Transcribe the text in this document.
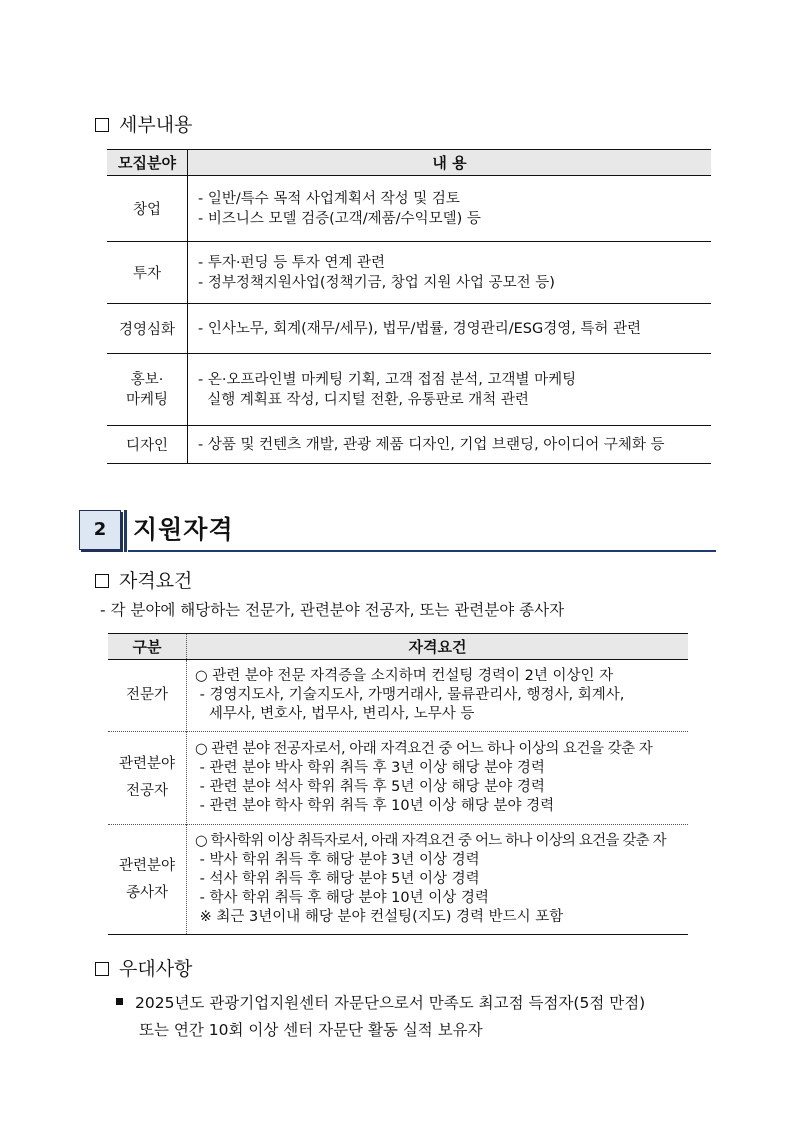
세부내용
모집분야	내 용
창업	- 일반/특수 목적 사업계획서 작성 및 검토
- 비즈니스 모델 검증(고객/제품/수익모델) 등

투자	- 투자·펀딩 등 투자 연계 관련
- 정부정책지원사업(정책기금, 창업 지원 사업 공모전 등)

경영심화	- 인사노무, 회계(재무/세무), 법무/법률, 경영관리/ESG경영, 특허 관련

홍보·
마케팅	- 온·오프라인별 마케팅 기획, 고객 접점 분석, 고객별 마케팅
실행 계획표 작성, 디지털 전환, 유통판로 개척 관련

디자인	- 상품 및 컨텐츠 개발, 관광 제품 디자인, 기업 브랜딩, 아이디어 구체화 등
2	지원자격
자격요건
- 각 분야에 해당하는 전문가, 관련분야 전공자, 또는 관련분야 종사자
구분	자격요건

전문가	○ 관련 분야 전문 자격증을 소지하며 컨설팅 경력이 2년 이상인 자
- 경영지도사, 기술지도사, 가맹거래사, 물류관리사, 행정사, 회계사,
세무사, 변호사, 법무사, 변리사, 노무사 등

관련분야
전공자	○ 관련 분야 전공자로서, 아래 자격요건 중 어느 하나 이상의 요건을 갖춘 자
- 관련 분야 박사 학위 취득 후 3년 이상 해당 분야 경력
- 관련 분야 석사 학위 취득 후 5년 이상 해당 분야 경력
- 관련 분야 학사 학위 취득 후 10년 이상 해당 분야 경력

관련분야
종사자	○ 학사학위 이상 취득자로서, 아래 자격요건 중 어느 하나 이상의 요건을 갖춘 자
- 박사 학위 취득 후 해당 분야 3년 이상 경력
- 석사 학위 취득 후 해당 분야 5년 이상 경력
- 학사 학위 취득 후 해당 분야 10년 이상 경력
※ 최근 3년이내 해당 분야 컨설팅(지도) 경력 반드시 포함
우대사항
2025년도 관광기업지원센터 자문단으로서 만족도 최고점 득점자(5점 만점)
또는 연간 10회 이상 센터 자문단 활동 실적 보유자
